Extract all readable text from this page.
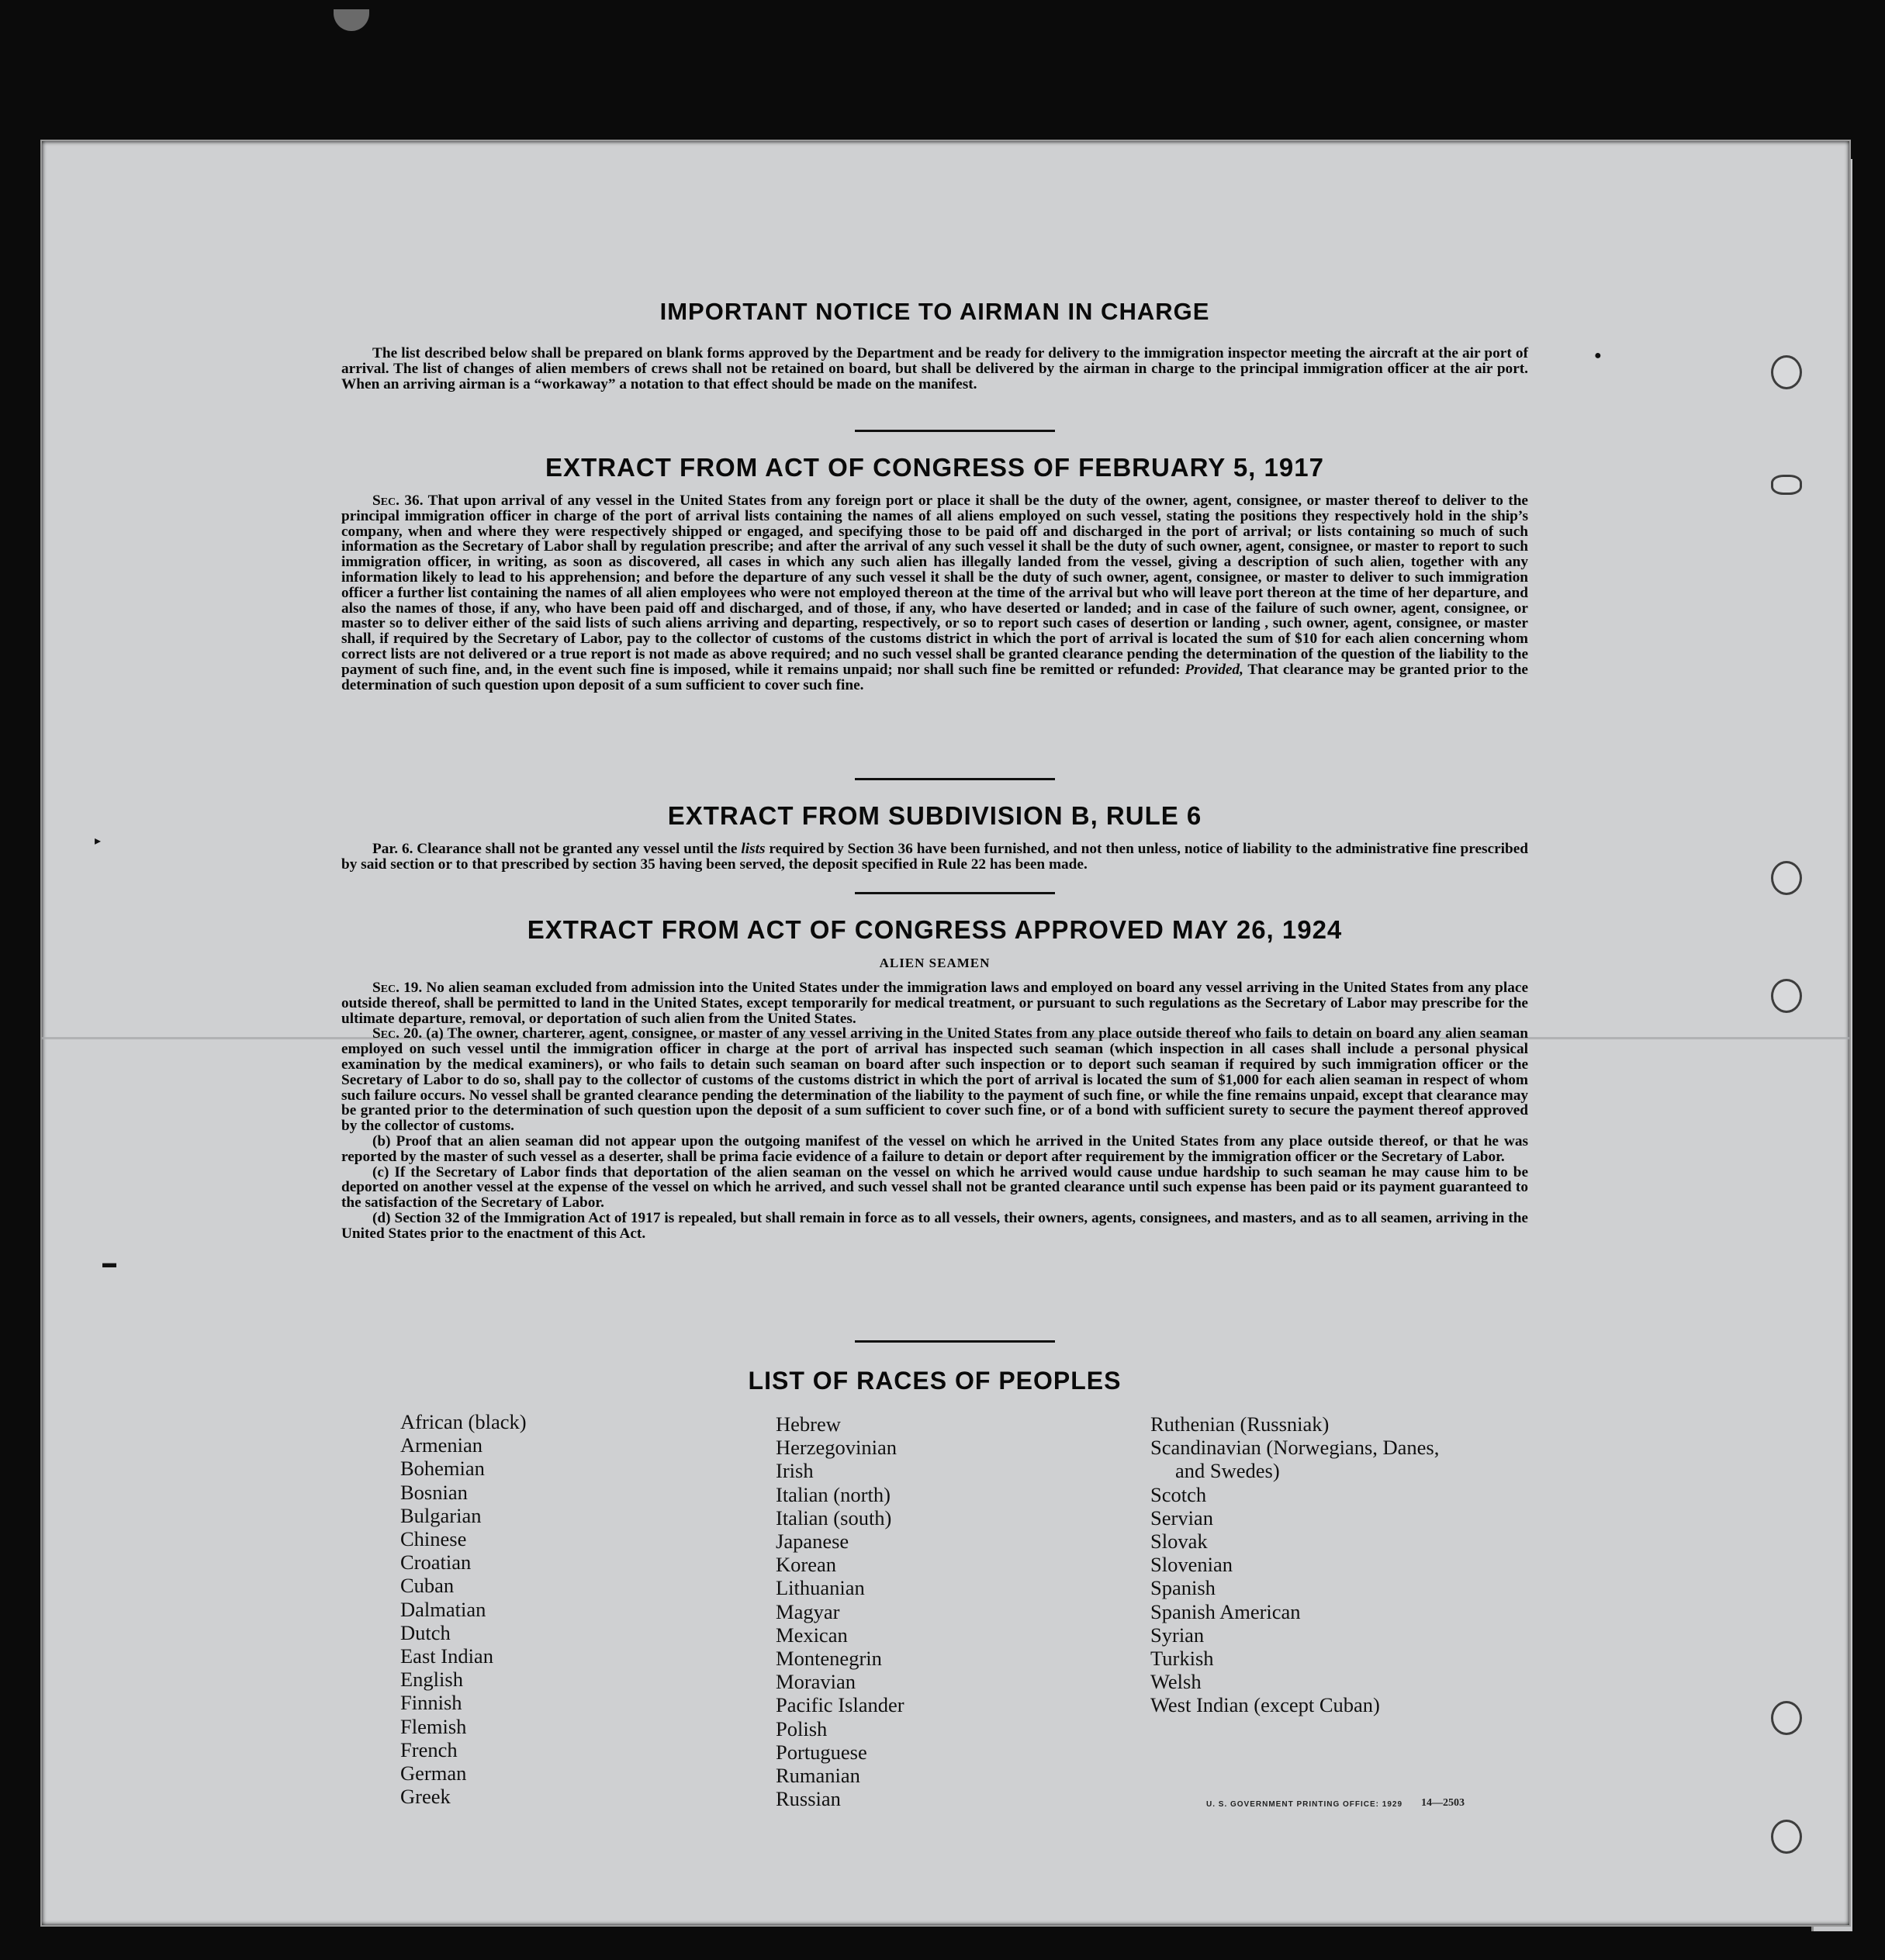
●
▸
▬
IMPORTANT NOTICE TO AIRMAN IN CHARGE

The list described below shall be prepared on blank forms approved by the Department and be ready for delivery to the immigration inspector meeting the aircraft at the air port of arrival. The list of changes of alien members of crews shall not be retained on board, but shall be delivered by the airman in charge to the principal immigration officer at the air port. When an arriving airman is a “workaway” a notation to that effect should be made on the manifest.

EXTRACT FROM ACT OF CONGRESS OF FEBRUARY 5, 1917

Sec. 36. That upon arrival of any vessel in the United States from any foreign port or place it shall be the duty of the owner, agent, consignee, or master thereof to deliver to the principal immigration officer in charge of the port of arrival lists containing the names of all aliens employed on such vessel, stating the positions they respectively hold in the ship’s company, when and where they were respectively shipped or engaged, and specifying those to be paid off and discharged in the port of arrival; or lists containing so much of such information as the Secretary of Labor shall by regulation prescribe; and after the arrival of any such vessel it shall be the duty of such owner, agent, consignee, or master to report to such immigration officer, in writing, as soon as discovered, all cases in which any such alien has illegally landed from the vessel, giving a description of such alien, together with any information likely to lead to his apprehension; and before the departure of any such vessel it shall be the duty of such owner, agent, consignee, or master to deliver to such immigration officer a further list containing the names of all alien employees who were not employed thereon at the time of the arrival but who will leave port thereon at the time of her departure, and also the names of those, if any, who have been paid off and discharged, and of those, if any, who have deserted or landed; and in case of the failure of such owner, agent, consignee, or master so to deliver either of the said lists of such aliens arriving and departing, respectively, or so to report such cases of desertion or landing , such owner, agent, consignee, or master shall, if required by the Secretary of Labor, pay to the collector of customs of the customs district in which the port of arrival is located the sum of $10 for each alien concerning whom correct lists are not delivered or a true report is not made as above required; and no such vessel shall be granted clearance pending the determination of the question of the liability to the payment of such fine, and, in the event such fine is imposed, while it remains unpaid; nor shall such fine be remitted or refunded: Provided, That clearance may be granted prior to the determination of such question upon deposit of a sum sufficient to cover such fine.

EXTRACT FROM SUBDIVISION B, RULE 6

Par. 6. Clearance shall not be granted any vessel until the lists required by Section 36 have been furnished, and not then unless, notice of liability to the administrative fine prescribed by said section or to that prescribed by section 35 having been served, the deposit specified in Rule 22 has been made.

EXTRACT FROM ACT OF CONGRESS APPROVED MAY 26, 1924

ALIEN SEAMEN

Sec. 19. No alien seaman excluded from admission into the United States under the immigration laws and employed on board any vessel arriving in the United States from any place outside thereof, shall be permitted to land in the United States, except temporarily for medical treatment, or pursuant to such regulations as the Secretary of Labor may prescribe for the ultimate departure, removal, or deportation of such alien from the United States.

Sec. 20. (a) The owner, charterer, agent, consignee, or master of any vessel arriving in the United States from any place outside thereof who fails to detain on board any alien seaman employed on such vessel until the immigration officer in charge at the port of arrival has inspected such seaman (which inspection in all cases shall include a personal physical examination by the medical examiners), or who fails to detain such seaman on board after such inspection or to deport such seaman if required by such immigration officer or the Secretary of Labor to do so, shall pay to the collector of customs of the customs district in which the port of arrival is located the sum of $1,000 for each alien seaman in respect of whom such failure occurs. No vessel shall be granted clearance pending the determination of the liability to the payment of such fine, or while the fine remains unpaid, except that clearance may be granted prior to the determination of such question upon the deposit of a sum sufficient to cover such fine, or of a bond with sufficient surety to secure the payment thereof approved by the collector of customs.

(b) Proof that an alien seaman did not appear upon the outgoing manifest of the vessel on which he arrived in the United States from any place outside thereof, or that he was reported by the master of such vessel as a deserter, shall be prima facie evidence of a failure to detain or deport after requirement by the immigration officer or the Secretary of Labor.

(c) If the Secretary of Labor finds that deportation of the alien seaman on the vessel on which he arrived would cause undue hardship to such seaman he may cause him to be deported on another vessel at the expense of the vessel on which he arrived, and such vessel shall not be granted clearance until such expense has been paid or its payment guaranteed to the satisfaction of the Secretary of Labor.

(d) Section 32 of the Immigration Act of 1917 is repealed, but shall remain in force as to all vessels, their owners, agents, consignees, and masters, and as to all seamen, arriving in the United States prior to the enactment of this Act.

LIST OF RACES OF PEOPLES
African (black)
Armenian
Bohemian
Bosnian
Bulgarian
Chinese
Croatian
Cuban
Dalmatian
Dutch
East Indian
English
Finnish
Flemish
French
German
Greek
Hebrew
Herzegovinian
Irish
Italian (north)
Italian (south)
Japanese
Korean
Lithuanian
Magyar
Mexican
Montenegrin
Moravian
Pacific Islander
Polish
Portuguese
Rumanian
Russian
Ruthenian (Russniak)
Scandinavian (Norwegians, Danes,
and Swedes)
Scotch
Servian
Slovak
Slovenian
Spanish
Spanish American
Syrian
Turkish
Welsh
West Indian (except Cuban)
U. S. GOVERNMENT PRINTING OFFICE: 1929 14—2503
